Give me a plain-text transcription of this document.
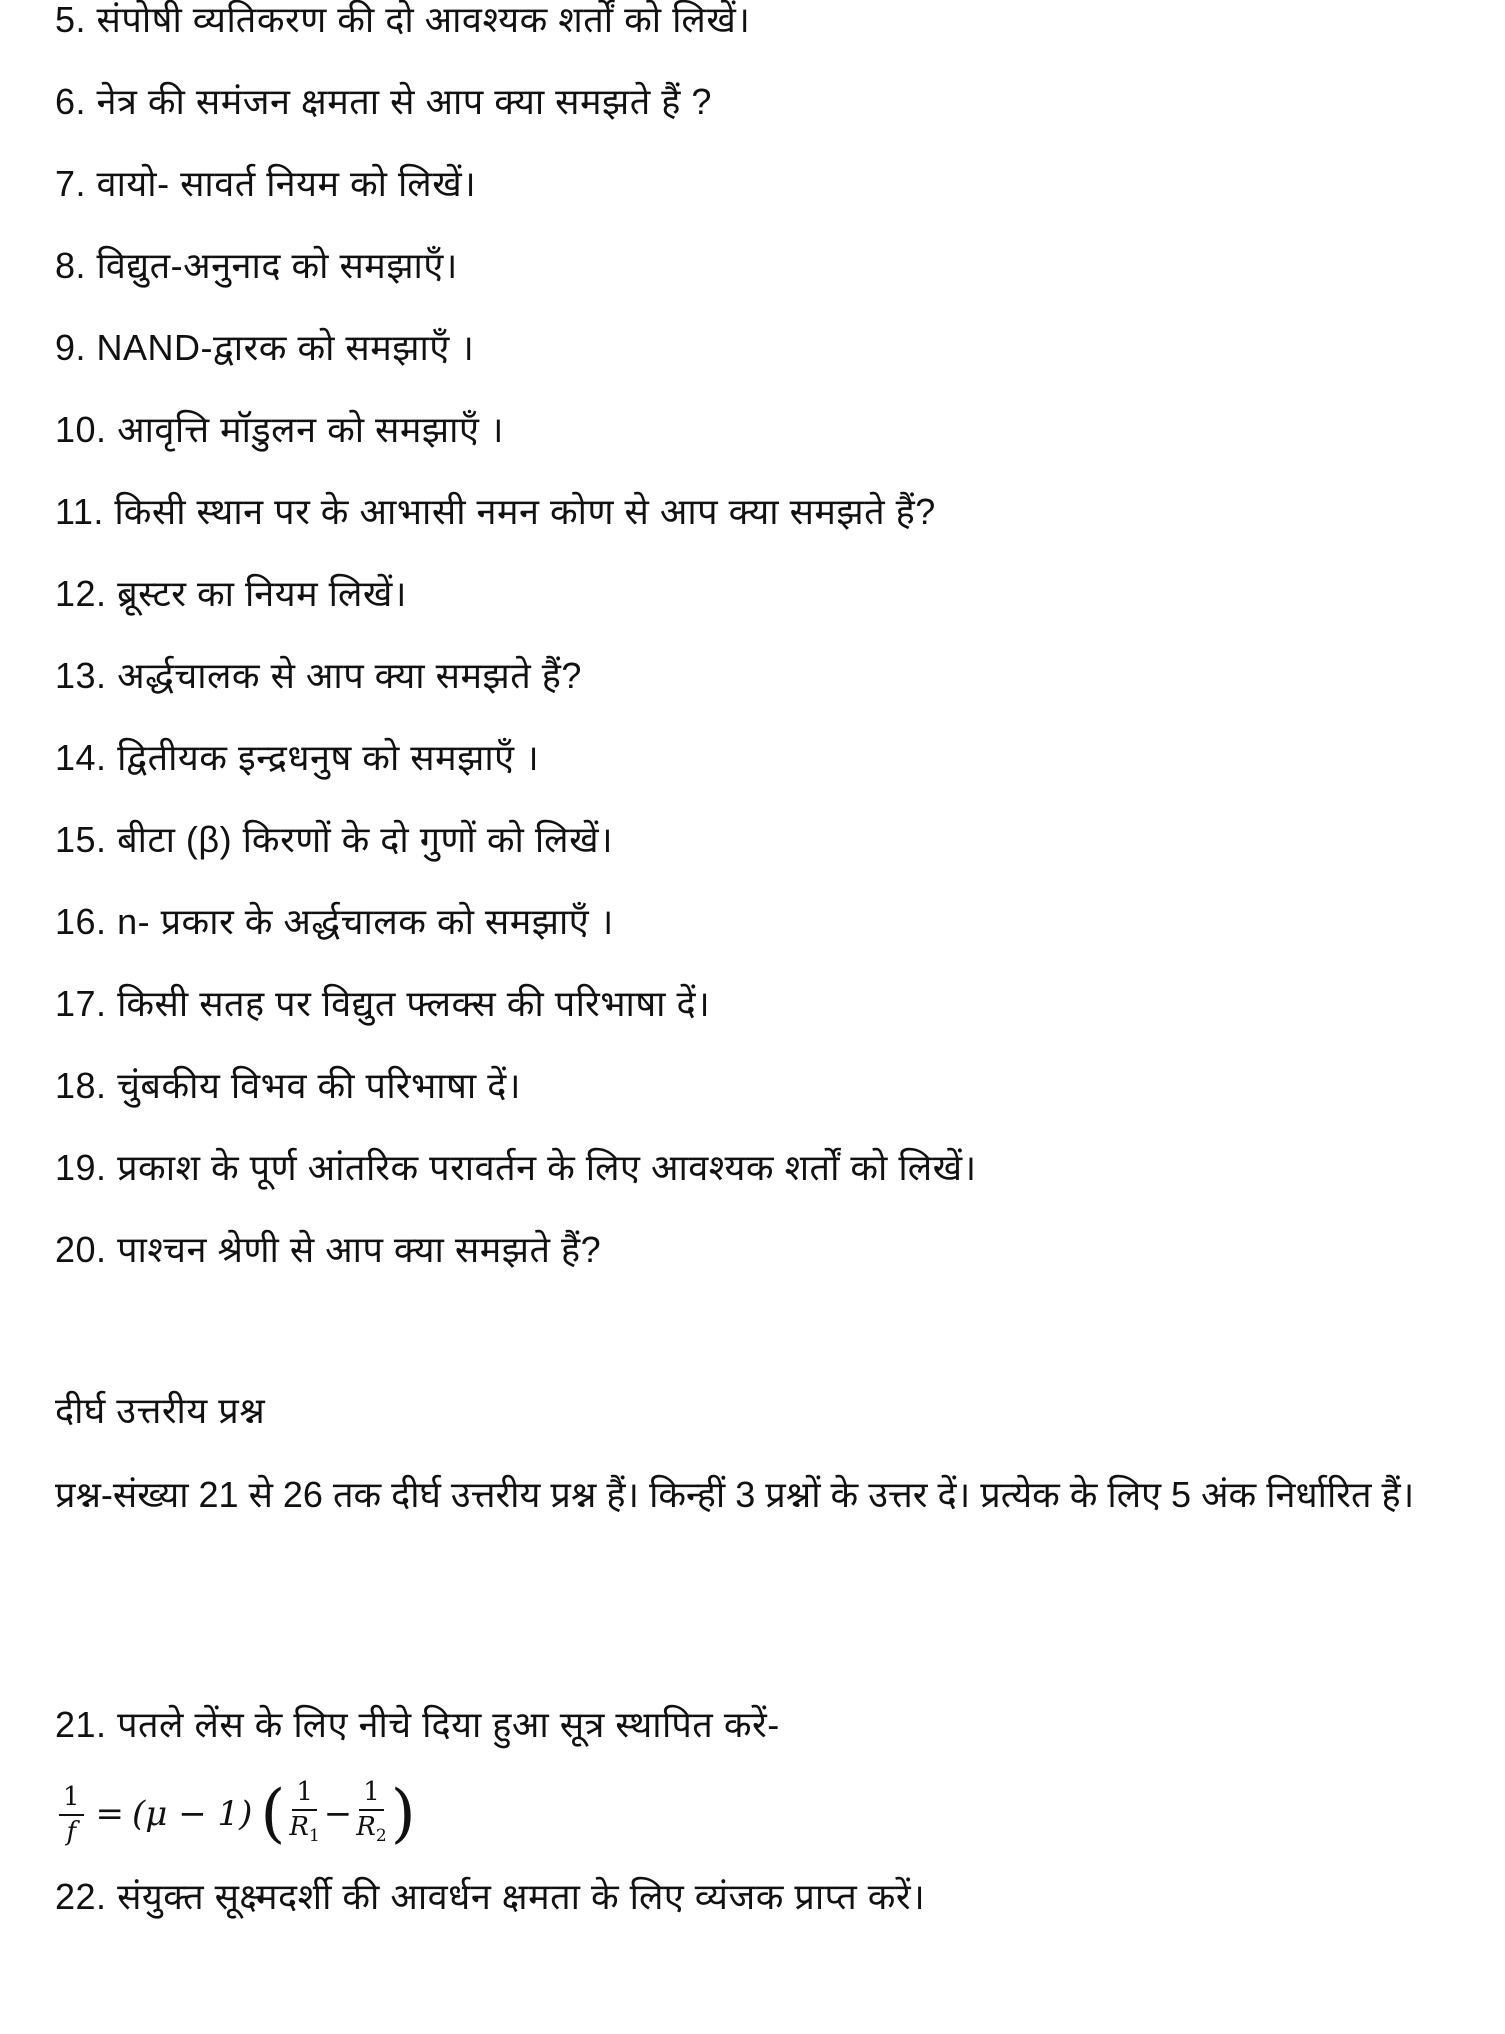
5. संपोषी व्यतिकरण की दो आवश्यक शर्तों को लिखें।
6. नेत्र की समंजन क्षमता से आप क्या समझते हैं ?
7. वायो- सावर्त नियम को लिखें।
8. विद्युत-अनुनाद को समझाएँ।
9. NAND-द्वारक को समझाएँ ।
10. आवृत्ति मॉडुलन को समझाएँ ।
11. किसी स्थान पर के आभासी नमन कोण से आप क्या समझते हैं?
12. ब्रूस्टर का नियम लिखें।
13. अर्द्धचालक से आप क्या समझते हैं?
14. द्वितीयक इन्द्रधनुष को समझाएँ ।
15. बीटा (β) किरणों के दो गुणों को लिखें।
16. n- प्रकार के अर्द्धचालक को समझाएँ ।
17. किसी सतह पर विद्युत फ्लक्स की परिभाषा दें।
18. चुंबकीय विभव की परिभाषा दें।
19. प्रकाश के पूर्ण आंतरिक परावर्तन के लिए आवश्यक शर्तों को लिखें।
20. पाश्चन श्रेणी से आप क्या समझते हैं?
दीर्घ उत्तरीय प्रश्न
प्रश्न-संख्या 21 से 26 तक दीर्घ उत्तरीय प्रश्न हैं। किन्हीं 3 प्रश्नों के उत्तर दें। प्रत्येक के लिए 5 अंक निर्धारित हैं।
21. पतले लेंस के लिए नीचे दिया हुआ सूत्र स्थापित करें-
$\frac{1}{f} = (\mu - 1)$ ( $\frac{1}{R_1} - \frac{1}{R_2}$ )
22. संयुक्त सूक्ष्मदर्शी की आवर्धन क्षमता के लिए व्यंजक प्राप्त करें।
